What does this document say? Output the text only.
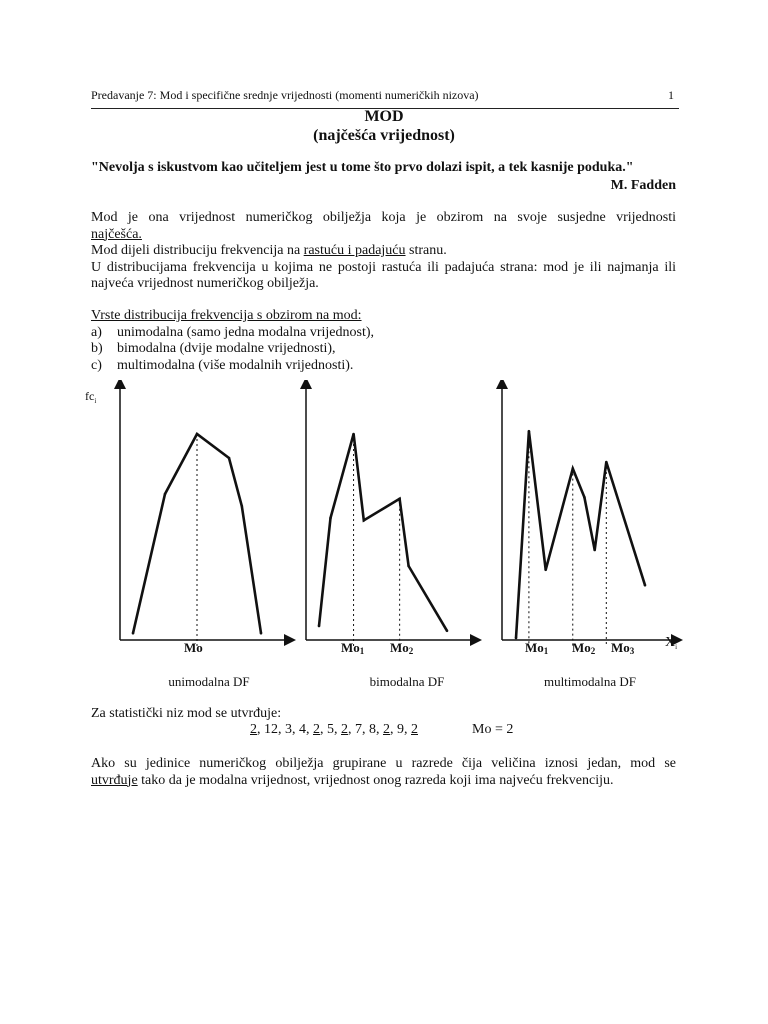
Predavanje 7: Mod i specifične srednje vrijednosti (momenti numeričkih nizova)	1
MOD
(najčešća vrijednost)
"Nevolja s iskustvom kao učiteljem jest u tome što prvo dolazi ispit, a tek kasnije poduka."
M. Fadden
Mod je ona vrijednost numeričkog obilježja koja je obzirom na svoje susjedne vrijednosti
najčešća.
Mod dijeli distribuciju frekvencija na rastuću i padajuću stranu.
U distribucijama frekvencija u kojima ne postoji rastuća ili padajuća strana: mod je ili najmanja ili
najveća vrijednost numeričkog obilježja.
Vrste distribucija frekvencija s obzirom na mod:
a)	unimodalna (samo jedna modalna vrijednost),
b)	bimodalna (dvije modalne vrijednosti),
c)	multimodalna (više modalnih vrijednosti).
$fc_i$
$X_i$
Mo	Mo1 Mo2	Mo1 Mo2 Mo3
unimodalna DF	bimodalna DF	multimodalna DF
Za statistički niz mod se utvrđuje:
2, 12, 3, 4, 2, 5, 2, 7, 8, 2, 9, 2	Mo = 2
Ako su jedinice numeričkog obilježja grupirane u razrede čija veličina iznosi jedan, mod se
utvrđuje tako da je modalna vrijednost, vrijednost onog razreda koji ima najveću frekvenciju.
